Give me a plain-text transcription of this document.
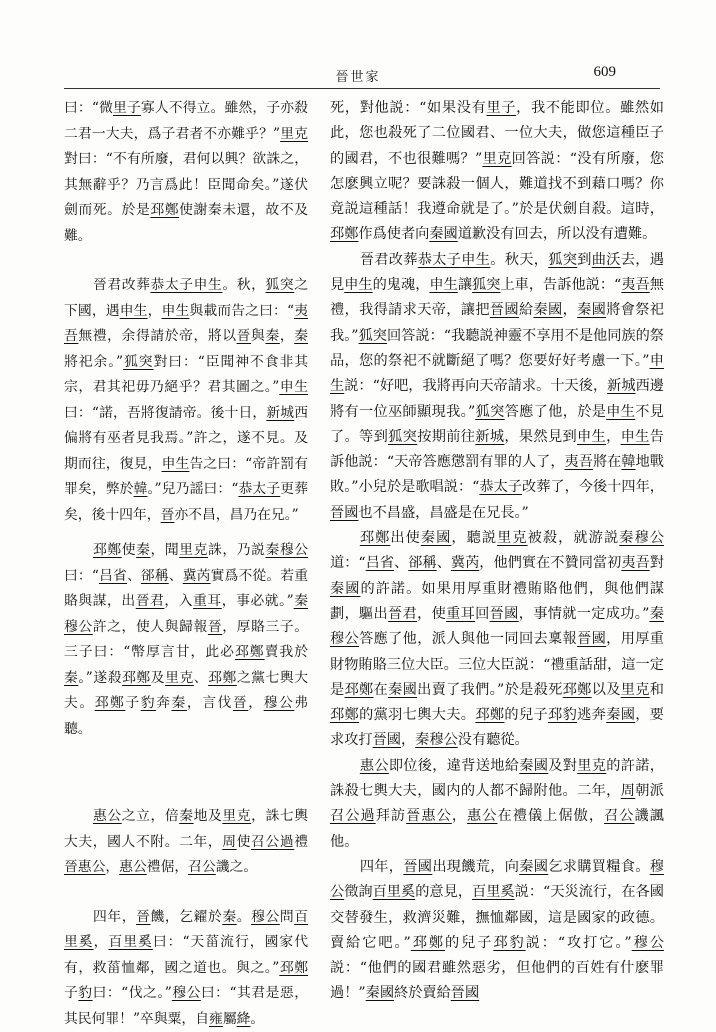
晉世家	609

曰：“微里子寡人不得立。雖然，子亦殺二君一大夫，爲子君者不亦難乎？”里克對曰：“不有所廢，君何以興？欲誅之，其無辭乎？乃言爲此！臣聞命矣。”遂伏劍而死。於是邳鄭使謝秦未還，故不及難。

晉君改葬恭太子申生。秋，狐突之下國，遇申生，申生與載而告之曰：“夷吾無禮，余得請於帝，將以晉與秦，秦將祀余。”狐突對曰：“臣聞神不食非其宗，君其祀毋乃絕乎？君其圖之。”申生曰：“諾，吾將復請帝。後十日，新城西偏將有巫者見我焉。”許之，遂不見。及期而往，復見，申生告之曰：“帝許罰有罪矣，弊於韓。”兒乃謡曰：“恭太子更葬矣，後十四年，晉亦不昌，昌乃在兄。”

邳鄭使秦，聞里克誅，乃説秦穆公曰：“吕省、郤稱、冀芮實爲不從。若重賂與謀，出晉君，入重耳，事必就。”秦穆公許之，使人與歸報晉，厚賂三子。三子曰：“幣厚言甘，此必邳鄭賣我於秦。”遂殺邳鄭及里克、邳鄭之黨七輿大夫。邳鄭子豹奔秦，言伐晉，穆公弗聽。

惠公之立，倍秦地及里克，誅七輿大夫，國人不附。二年，周使召公過禮晉惠公，惠公禮倨，召公譏之。

四年，晉饑，乞糴於秦。穆公問百里奚，百里奚曰：“天菑流行，國家代有，救菑恤鄰，國之道也。與之。”邳鄭子豹曰：“伐之。”穆公曰：“其君是惡，其民何罪！”卒與粟，自雍屬絳。

死，對他説：“如果没有里子，我不能即位。雖然如此，您也殺死了二位國君、一位大夫，做您這種臣子的國君，不也很難嗎？”里克回答説：“没有所廢，您怎麽興立呢？要誅殺一個人，難道找不到藉口嗎？你竟説這種話！我遵命就是了。”於是伏劍自殺。這時，邳鄭作爲使者向秦國道歉没有回去，所以没有遭難。

晉君改葬恭太子申生。秋天，狐突到曲沃去，遇見申生的鬼魂，申生讓狐突上車，告訴他説：“夷吾無禮，我得請求天帝，讓把晉國給秦國，秦國將會祭祀我。”狐突回答説：“我聽説神靈不享用不是他同族的祭品，您的祭祀不就斷絕了嗎？您要好好考慮一下。”申生説：“好吧，我將再向天帝請求。十天後，新城西邊將有一位巫師顯現我。”狐突答應了他，於是申生不見了。等到狐突按期前往新城，果然見到申生，申生告訴他説：“天帝答應懲罰有罪的人了，夷吾將在韓地戰敗。”小兒於是歌唱説：“恭太子改葬了，今後十四年，晉國也不昌盛，昌盛是在兄長。”

邳鄭出使秦國，聽説里克被殺，就游説秦穆公道：“吕省、郤稱、冀芮，他們實在不贊同當初夷吾對秦國的許諾。如果用厚重財禮賄賂他們，與他們謀劃，驅出晉君，使重耳回晉國，事情就一定成功。”秦穆公答應了他，派人與他一同回去稟報晉國，用厚重財物賄賂三位大臣。三位大臣説：“禮重話甜，這一定是邳鄭在秦國出賣了我們。”於是殺死邳鄭以及里克和邳鄭的黨羽七輿大夫。邳鄭的兒子邳豹逃奔秦國，要求攻打晉國，秦穆公没有聽從。

惠公即位後，違背送地給秦國及對里克的許諾，誅殺七輿大夫，國内的人都不歸附他。二年，周朝派召公過拜訪晉惠公，惠公在禮儀上倨傲，召公譏諷他。

四年，晉國出現饑荒，向秦國乞求購買糧食。穆公徵詢百里奚的意見，百里奚説：“天災流行，在各國交替發生，救濟災難，撫恤鄰國，這是國家的政德。賣給它吧。”邳鄭的兒子邳豹説：“攻打它。”穆公説：“他們的國君雖然惡劣，但他們的百姓有什麽罪過！”秦國終於賣給晉國
